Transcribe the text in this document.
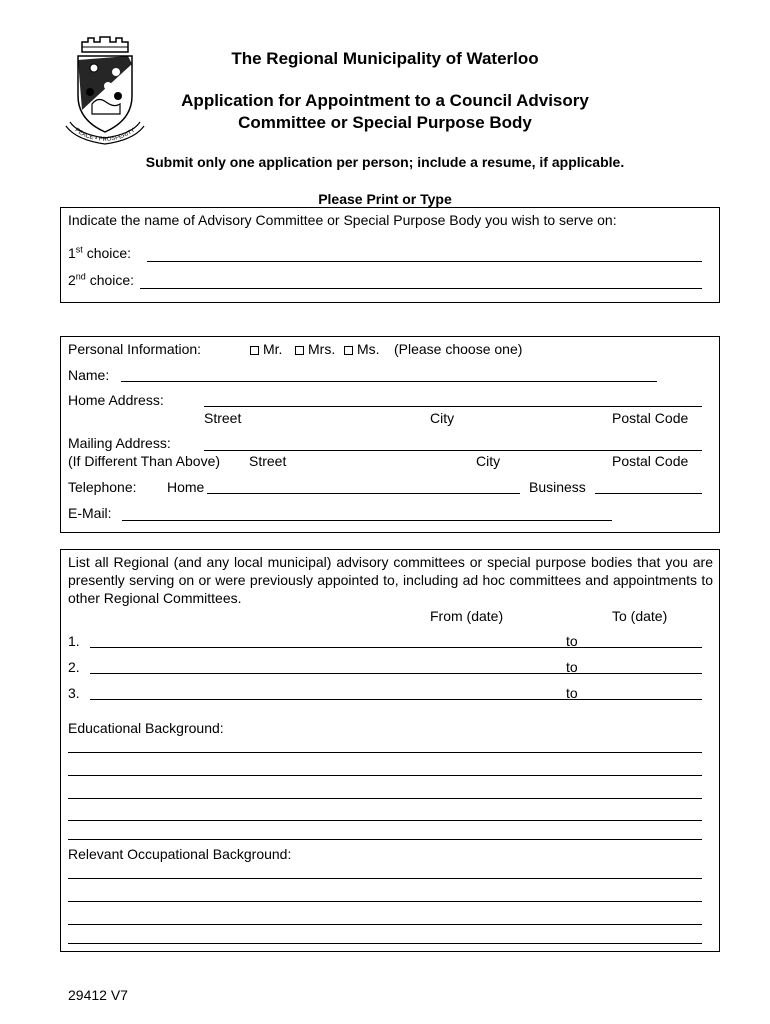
PEACE • PROSPERITY
The Regional Municipality of Waterloo
Application for Appointment to a Council Advisory
Committee or Special Purpose Body
Submit only one application per person; include a resume, if applicable.
Please Print or Type
Indicate the name of Advisory Committee or Special Purpose Body you wish to serve on:
1st choice:
2nd choice:
Personal Information:	Mr.	Mrs.	Ms. (Please choose one)
Name:
Home Address:
Street	City	Postal Code
Mailing Address:
(If Different Than Above) Street	City	Postal Code
Telephone: Home	Business
E-Mail:
List all Regional (and any local municipal) advisory committees or special purpose bodies that you are presently serving on or were previously appointed to, including ad hoc committees and appointments to other Regional Committees.
From (date)	To (date)
1.	to
2.	to
3.	to
Educational Background:
Relevant Occupational Background:
29412 V7
